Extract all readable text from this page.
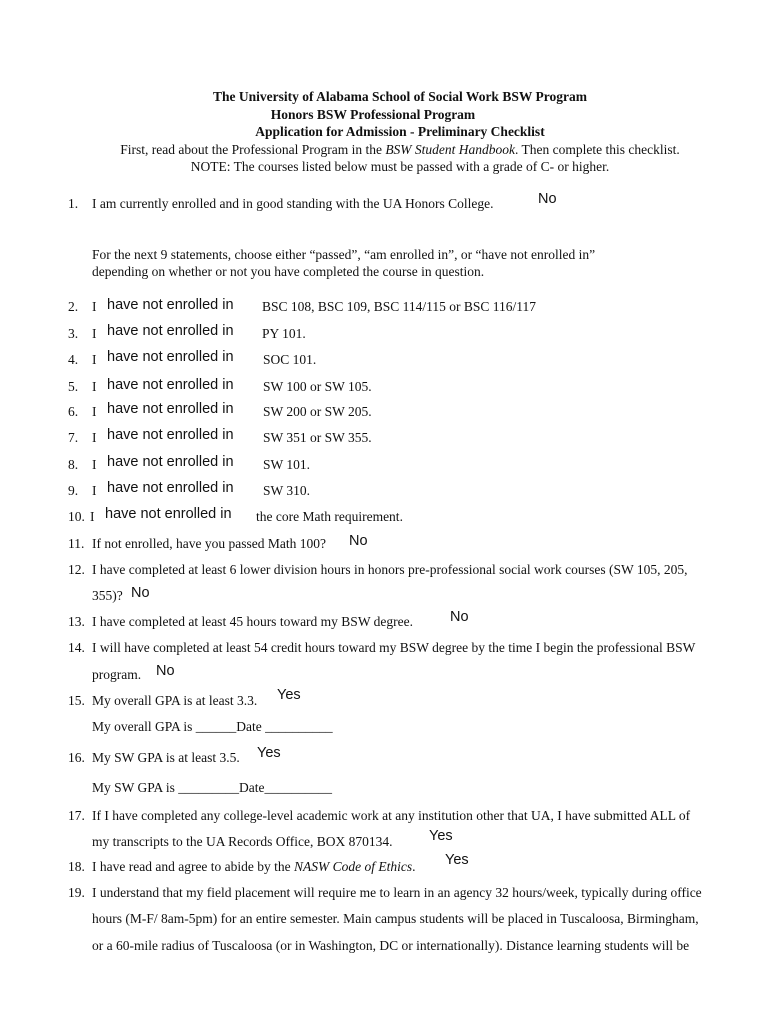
The University of Alabama School of Social Work BSW Program
Honors BSW Professional Program
Application for Admission - Preliminary Checklist
First, read about the Professional Program in the BSW Student Handbook. Then complete this checklist.
NOTE: The courses listed below must be passed with a grade of C- or higher.
1. I am currently enrolled and in good standing with the UA Honors College.	No
For the next 9 statements, choose either “passed”, “am enrolled in”, or “have not enrolled in”
depending on whether or not you have completed the course in question.
2. I have not enrolled in BSC 108, BSC 109, BSC 114/115 or BSC 116/117
3. I have not enrolled in PY 101.
4. I have not enrolled in SOC 101.
5. I have not enrolled in SW 100 or SW 105.
6. I have not enrolled in SW 200 or SW 205.
7. I have not enrolled in SW 351 or SW 355.
8. I have not enrolled in SW 101.
9. I have not enrolled in SW 310.
10. I have not enrolled in the core Math requirement.
11. If not enrolled, have you passed Math 100? No
12. I have completed at least 6 lower division hours in honors pre-professional social work courses (SW 105, 205,
355)? No
13. I have completed at least 45 hours toward my BSW degree.	No
14. I will have completed at least 54 credit hours toward my BSW degree by the time I begin the professional BSW
program. No
15. My overall GPA is at least 3.3. Yes
My overall GPA is ______Date __________
16. My SW GPA is at least 3.5. Yes
My SW GPA is _________Date__________
17. If I have completed any college-level academic work at any institution other that UA, I have submitted ALL of
my transcripts to the UA Records Office, BOX 870134.	Yes
18. I have read and agree to abide by the NASW Code of Ethics. Yes
19. I understand that my field placement will require me to learn in an agency 32 hours/week, typically during office
hours (M-F/ 8am-5pm) for an entire semester. Main campus students will be placed in Tuscaloosa, Birmingham,
or a 60-mile radius of Tuscaloosa (or in Washington, DC or internationally). Distance learning students will be
